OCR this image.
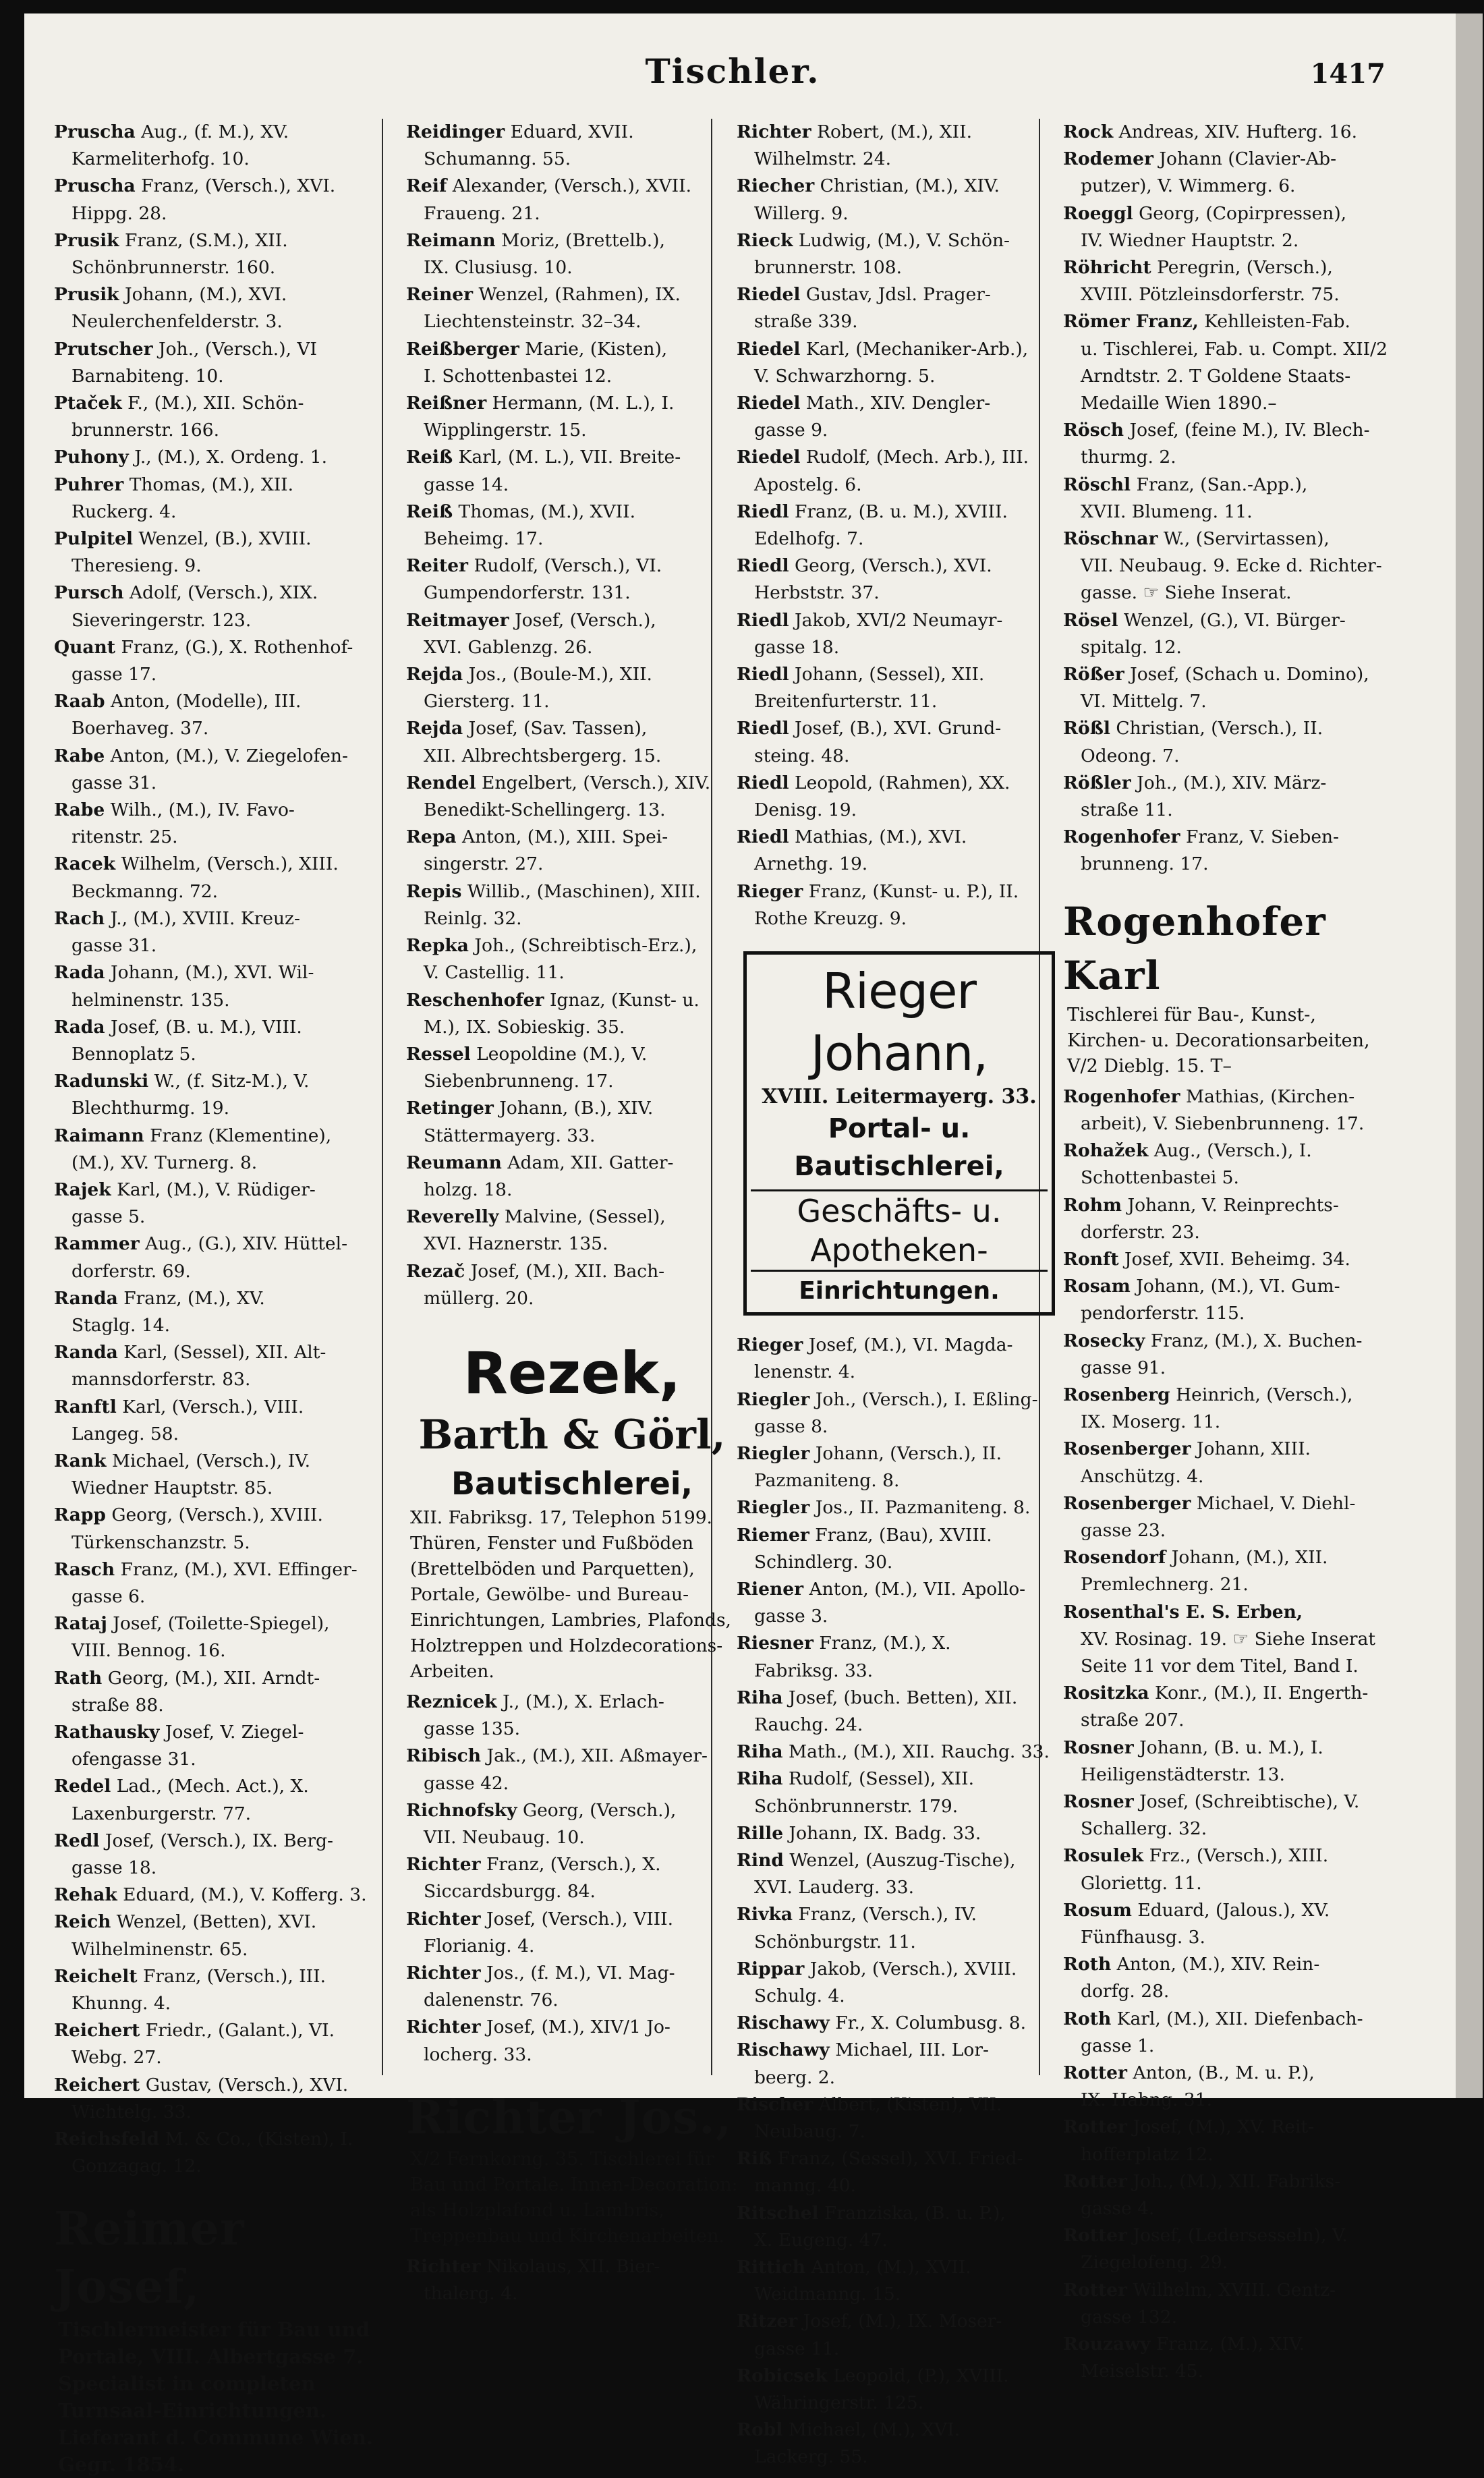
Tischler.	1417
Pruscha Aug., (f. M.), XV.
Karmeliterhofg. 10.
Pruscha Franz, (Versch.), XVI.
Hippg. 28.
Prusik Franz, (S.M.), XII.
Schönbrunnerstr. 160.
Prusik Johann, (M.), XVI.
Neulerchenfelderstr. 3.
Prutscher Joh., (Versch.), VI
Barnabiteng. 10.
Ptaček F., (M.), XII. Schön-
brunnerstr. 166.
Puhony J., (M.), X. Ordeng. 1.
Puhrer Thomas, (M.), XII.
Ruckerg. 4.
Pulpitel Wenzel, (B.), XVIII.
Theresieng. 9.
Pursch Adolf, (Versch.), XIX.
Sieveringerstr. 123.
Quant Franz, (G.), X. Rothenhof-
gasse 17.
Raab Anton, (Modelle), III.
Boerhaveg. 37.
Rabe Anton, (M.), V. Ziegelofen-
gasse 31.
Rabe Wilh., (M.), IV. Favo-
ritenstr. 25.
Racek Wilhelm, (Versch.), XIII.
Beckmanng. 72.
Rach J., (M.), XVIII. Kreuz-
gasse 31.
Rada Johann, (M.), XVI. Wil-
helminenstr. 135.
Rada Josef, (B. u. M.), VIII.
Bennoplatz 5.
Radunski W., (f. Sitz-M.), V.
Blechthurmg. 19.
Raimann Franz (Klementine),
(M.), XV. Turnerg. 8.
Rajek Karl, (M.), V. Rüdiger-
gasse 5.
Rammer Aug., (G.), XIV. Hüttel-
dorferstr. 69.
Randa Franz, (M.), XV.
Staglg. 14.
Randa Karl, (Sessel), XII. Alt-
mannsdorferstr. 83.
Ranftl Karl, (Versch.), VIII.
Langeg. 58.
Rank Michael, (Versch.), IV.
Wiedner Hauptstr. 85.
Rapp Georg, (Versch.), XVIII.
Türkenschanzstr. 5.
Rasch Franz, (M.), XVI. Effinger-
gasse 6.
Rataj Josef, (Toilette-Spiegel),
VIII. Bennog. 16.
Rath Georg, (M.), XII. Arndt-
straße 88.
Rathausky Josef, V. Ziegel-
ofengasse 31.
Redel Lad., (Mech. Act.), X.
Laxenburgerstr. 77.
Redl Josef, (Versch.), IX. Berg-
gasse 18.
Rehak Eduard, (M.), V. Kofferg. 3.
Reich Wenzel, (Betten), XVI.
Wilhelminenstr. 65.
Reichelt Franz, (Versch.), III.
Khunng. 4.
Reichert Friedr., (Galant.), VI.
Webg. 27.
Reichert Gustav, (Versch.), XVI.
Wichtelg. 33.
Reichsfeld M. & Co., (Kisten), I.
Gonzagag. 12.
Reimer Josef,
Tischlermeister für Bau und Portale, VIII. Albertgasse 7. Specialist in completen Turnsaal-Einrichtungen. Lieferant d. Commune Wien. Gegr. 1854.
Reidinger Eduard, XVII.
Schumanng. 55.
Reif Alexander, (Versch.), XVII.
Fraueng. 21.
Reimann Moriz, (Brettelb.),
IX. Clusiusg. 10.
Reiner Wenzel, (Rahmen), IX.
Liechtensteinstr. 32–34.
Reißberger Marie, (Kisten),
I. Schottenbastei 12.
Reißner Hermann, (M. L.), I.
Wipplingerstr. 15.
Reiß Karl, (M. L.), VII. Breite-
gasse 14.
Reiß Thomas, (M.), XVII.
Beheimg. 17.
Reiter Rudolf, (Versch.), VI.
Gumpendorferstr. 131.
Reitmayer Josef, (Versch.),
XVI. Gablenzg. 26.
Rejda Jos., (Boule-M.), XII.
Giersterg. 11.
Rejda Josef, (Sav. Tassen),
XII. Albrechtsbergerg. 15.
Rendel Engelbert, (Versch.), XIV.
Benedikt-Schellingerg. 13.
Repa Anton, (M.), XIII. Spei-
singerstr. 27.
Repis Willib., (Maschinen), XIII.
Reinlg. 32.
Repka Joh., (Schreibtisch-Erz.),
V. Castellig. 11.
Reschenhofer Ignaz, (Kunst- u.
M.), IX. Sobieskig. 35.
Ressel Leopoldine (M.), V.
Siebenbrunneng. 17.
Retinger Johann, (B.), XIV.
Stättermayerg. 33.
Reumann Adam, XII. Gatter-
holzg. 18.
Reverelly Malvine, (Sessel),
XVI. Haznerstr. 135.
Rezač Josef, (M.), XII. Bach-
müllerg. 20.
Rezek,
Barth & Görl,
Bautischlerei,
XII. Fabriksg. 17, Telephon 5199. Thüren, Fenster und Fußböden (Brettelböden und Parquetten), Portale, Gewölbe- und Bureau-Einrichtungen, Lambries, Plafonds, Holztreppen und Holzdecorations-Arbeiten.
Reznicek J., (M.), X. Erlach-
gasse 135.
Ribisch Jak., (M.), XII. Aßmayer-
gasse 42.
Richnofsky Georg, (Versch.),
VII. Neubaug. 10.
Richter Franz, (Versch.), X.
Siccardsburgg. 84.
Richter Josef, (Versch.), VIII.
Florianig. 4.
Richter Jos., (f. M.), VI. Mag-
dalenenstr. 76.
Richter Josef, (M.), XIV/1 Jo-
locherg. 33.
Richter Jos.,
X/2 Fernkorng. 35. Tischlerei für Bau und Portale. Innen-Decoration: als Holzplafond u. Lambris, Treppenbau und Kirchenarbeiten.
Richter Nikolaus, XII. Bier-
thalerg. 4.
Richter Robert, (M.), XII.
Wilhelmstr. 24.
Riecher Christian, (M.), XIV.
Willerg. 9.
Rieck Ludwig, (M.), V. Schön-
brunnerstr. 108.
Riedel Gustav, Jdsl. Prager-
straße 339.
Riedel Karl, (Mechaniker-Arb.),
V. Schwarzhorng. 5.
Riedel Math., XIV. Dengler-
gasse 9.
Riedel Rudolf, (Mech. Arb.), III.
Apostelg. 6.
Riedl Franz, (B. u. M.), XVIII.
Edelhofg. 7.
Riedl Georg, (Versch.), XVI.
Herbststr. 37.
Riedl Jakob, XVI/2 Neumayr-
gasse 18.
Riedl Johann, (Sessel), XII.
Breitenfurterstr. 11.
Riedl Josef, (B.), XVI. Grund-
steing. 48.
Riedl Leopold, (Rahmen), XX.
Denisg. 19.
Riedl Mathias, (M.), XVI.
Arnethg. 19.
Rieger Franz, (Kunst- u. P.), II.
Rothe Kreuzg. 9.
Rieger Johann,
XVIII. Leitermayerg. 33.
Portal- u. Bautischlerei,
Geschäfts- u. Apotheken-
Einrichtungen.
Rieger Josef, (M.), VI. Magda-
lenenstr. 4.
Riegler Joh., (Versch.), I. Eßling-
gasse 8.
Riegler Johann, (Versch.), II.
Pazmaniteng. 8.
Riegler Jos., II. Pazmaniteng. 8.
Riemer Franz, (Bau), XVIII.
Schindlerg. 30.
Riener Anton, (M.), VII. Apollo-
gasse 3.
Riesner Franz, (M.), X.
Fabriksg. 33.
Riha Josef, (buch. Betten), XII.
Rauchg. 24.
Riha Math., (M.), XII. Rauchg. 33.
Riha Rudolf, (Sessel), XII.
Schönbrunnerstr. 179.
Rille Johann, IX. Badg. 33.
Rind Wenzel, (Auszug-Tische),
XVI. Lauderg. 33.
Rivka Franz, (Versch.), IV.
Schönburgstr. 11.
Rippar Jakob, (Versch.), XVIII.
Schulg. 4.
Rischawy Fr., X. Columbusg. 8.
Rischawy Michael, III. Lor-
beerg. 2.
Rischer Albert, (Kisten), VII.
Neubaug. 7.
Riß Franz, (Sessel), XVI. Fried-
manng. 40.
Ritschel Franziska, (B. u. P.),
X. Eugeng. 47.
Rittich Anton, (M.), XVII.
Weidmanng. 15.
Ritzer Josef, (M.), IX. Moser-
gasse 11.
Robicsek Leopold, (P.), XVIII.
Währingerstr. 125.
Robl Michael, (M.), XVI.
Lackerg. 55.
Rock Andreas, XIV. Hufterg. 16.
Rodemer Johann (Clavier-Ab-
putzer), V. Wimmerg. 6.
Roeggl Georg, (Copirpressen),
IV. Wiedner Hauptstr. 2.
Röhricht Peregrin, (Versch.),
XVIII. Pötzleinsdorferstr. 75.
Römer Franz, Kehlleisten-Fab.
u. Tischlerei, Fab. u. Compt. XII/2 Arndtstr. 2. T Goldene Staats-Medaille Wien 1890.–
Rösch Josef, (feine M.), IV. Blech-
thurmg. 2.
Röschl Franz, (San.-App.),
XVII. Blumeng. 11.
Röschnar W., (Servirtassen),
VII. Neubaug. 9. Ecke d. Richter-gasse. ☞ Siehe Inserat.
Rösel Wenzel, (G.), VI. Bürger-
spitalg. 12.
Rößer Josef, (Schach u. Domino),
VI. Mittelg. 7.
Rößl Christian, (Versch.), II.
Odeong. 7.
Rößler Joh., (M.), XIV. März-
straße 11.
Rogenhofer Franz, V. Sieben-
brunneng. 17.
Rogenhofer Karl
Tischlerei für Bau-, Kunst-, Kirchen- u. Decorationsarbeiten, V/2 Dieblg. 15. T–
Rogenhofer Mathias, (Kirchen-
arbeit), V. Siebenbrunneng. 17.
Rohažek Aug., (Versch.), I.
Schottenbastei 5.
Rohm Johann, V. Reinprechts-
dorferstr. 23.
Ronft Josef, XVII. Beheimg. 34.
Rosam Johann, (M.), VI. Gum-
pendorferstr. 115.
Rosecky Franz, (M.), X. Buchen-
gasse 91.
Rosenberg Heinrich, (Versch.),
IX. Moserg. 11.
Rosenberger Johann, XIII.
Anschützg. 4.
Rosenberger Michael, V. Diehl-
gasse 23.
Rosendorf Johann, (M.), XII.
Premlechnerg. 21.
Rosenthal's E. S. Erben,
XV. Rosinag. 19. ☞ Siehe Inserat Seite 11 vor dem Titel, Band I.
Rositzka Konr., (M.), II. Engerth-
straße 207.
Rosner Johann, (B. u. M.), I.
Heiligenstädterstr. 13.
Rosner Josef, (Schreibtische), V.
Schallerg. 32.
Rosulek Frz., (Versch.), XIII.
Gloriettg. 11.
Rosum Eduard, (Jalous.), XV.
Fünfhausg. 3.
Roth Anton, (M.), XIV. Rein-
dorfg. 28.
Roth Karl, (M.), XII. Diefenbach-
gasse 1.
Rotter Anton, (B., M. u. P.),
IX. Habng. 31.
Rotter Josef, (M.), XV. Reit-
hofferplatz 12.
Rotter Joh., (M.), XII. Fabriks-
gasse 4.
Rotter Josef, (Ledersesseln), V.
Ziegelofeng. 29.
Rotter Wilhelm, XVIII. Gentz-
gasse 132.
Rouzawy Franz, (M.), XIV.
Meiselstr. 45.
